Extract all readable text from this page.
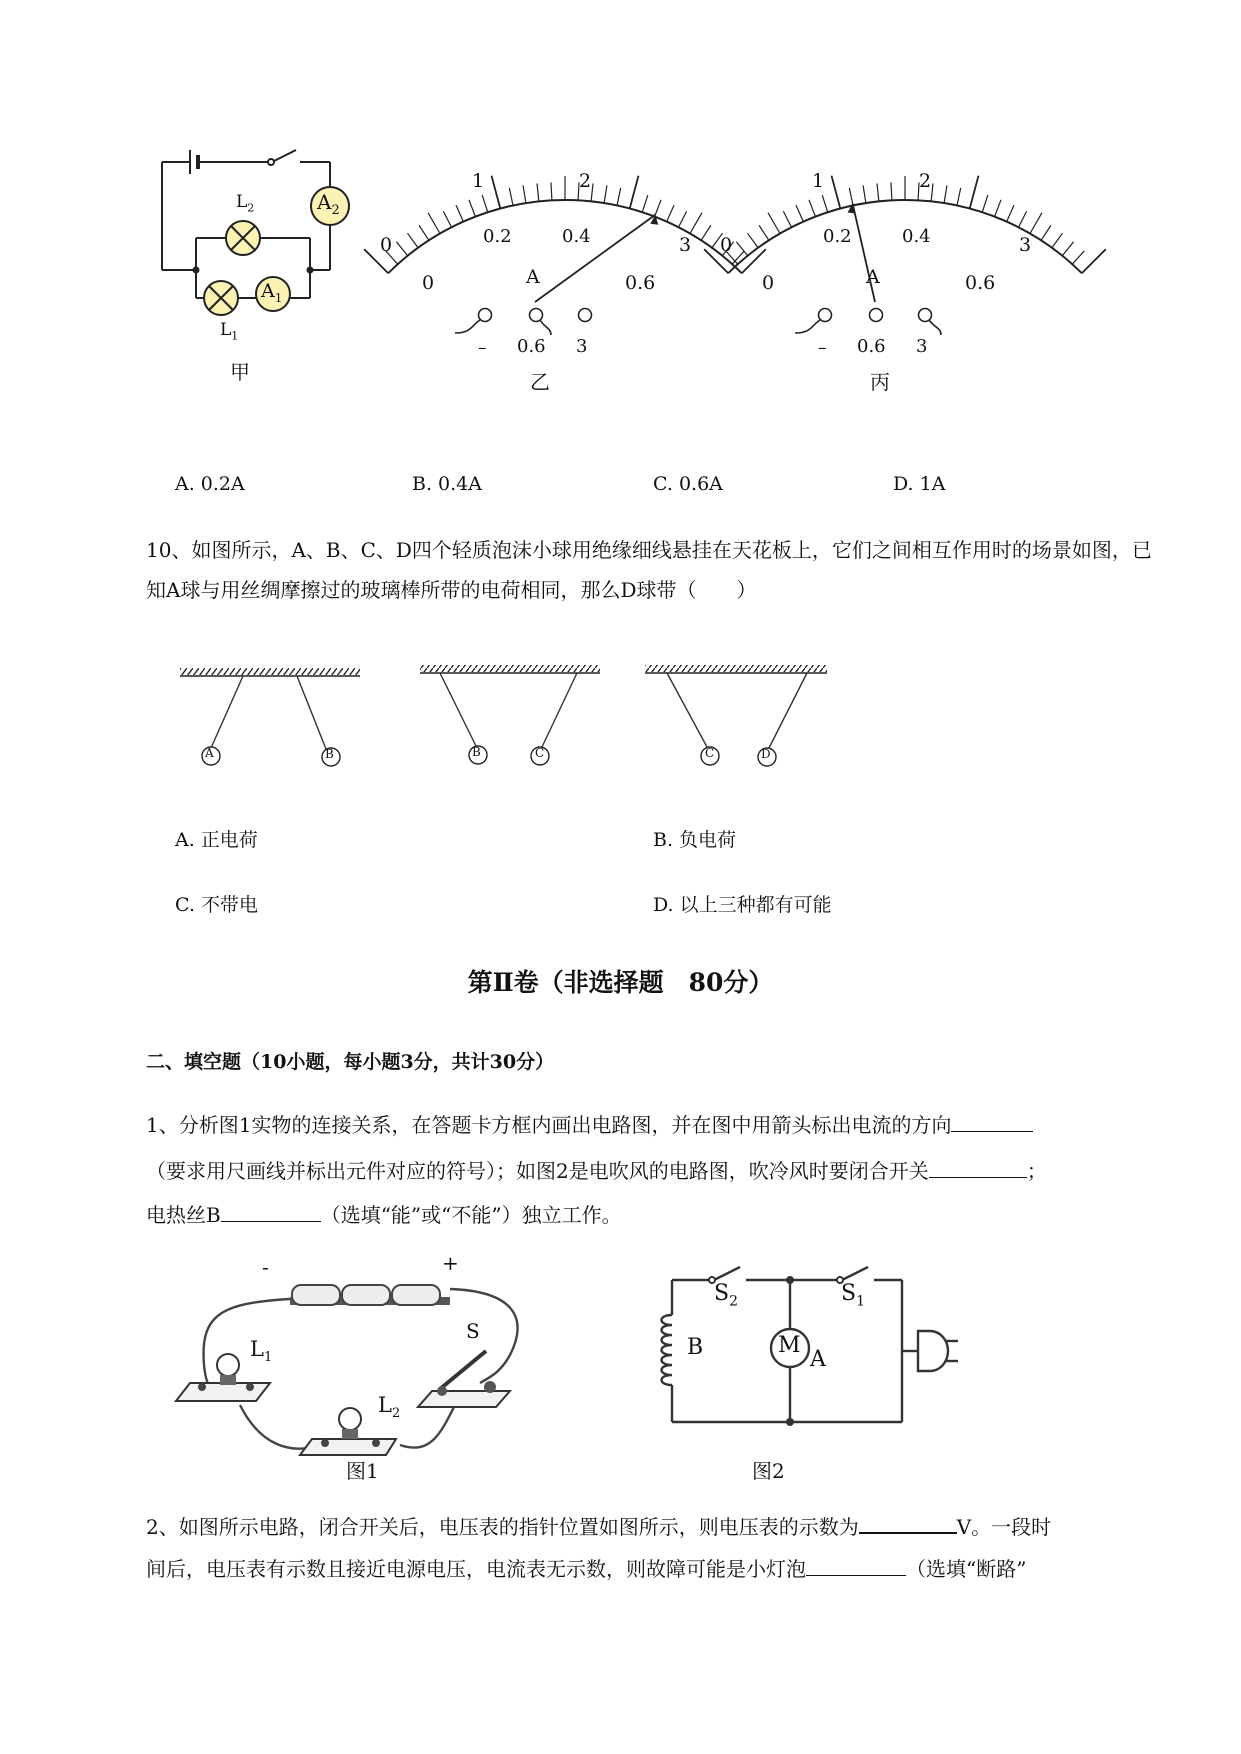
$A_2$
$A_1$
$L_2$
$L_1$
甲
0
1	2
3
0
0.2	0.4
0.6
A
– 0.6 3
乙
0
1	2
3
0
0.2	0.4
0.6
A
– 0.6 3
丙
A. 0.2A	B. 0.4A	C. 0.6A	D. 1A
10、如图所示，A、B、C、D四个轻质泡沫小球用绝缘细线悬挂在天花板上，它们之间相互作用时的场景如图，已知A球与用丝绸摩擦过的玻璃棒所带的电荷相同，那么D球带（　　）
A	B	B	C	C	D
A. 正电荷	B. 负电荷
C. 不带电	D. 以上三种都有可能
第Ⅱ卷（非选择题　80分）
二、填空题（10小题，每小题3分，共计30分）
1、分析图1实物的连接关系，在答题卡方框内画出电路图，并在图中用箭头标出电流的方向
（要求用尺画线并标出元件对应的符号）；如图2是电吹风的电路图，吹冷风时要闭合开关	；
电热丝B	（选填“能”或“不能”）独立工作。
-	+
$L_1$
$L_2$
S
图1
$S_2$	$S_1$
B	M
A
图2
2、如图所示电路，闭合开关后，电压表的指针位置如图所示，则电压表的示数为	V。一段时
间后，电压表有示数且接近电源电压，电流表无示数，则故障可能是小灯泡	（选填“断路”
